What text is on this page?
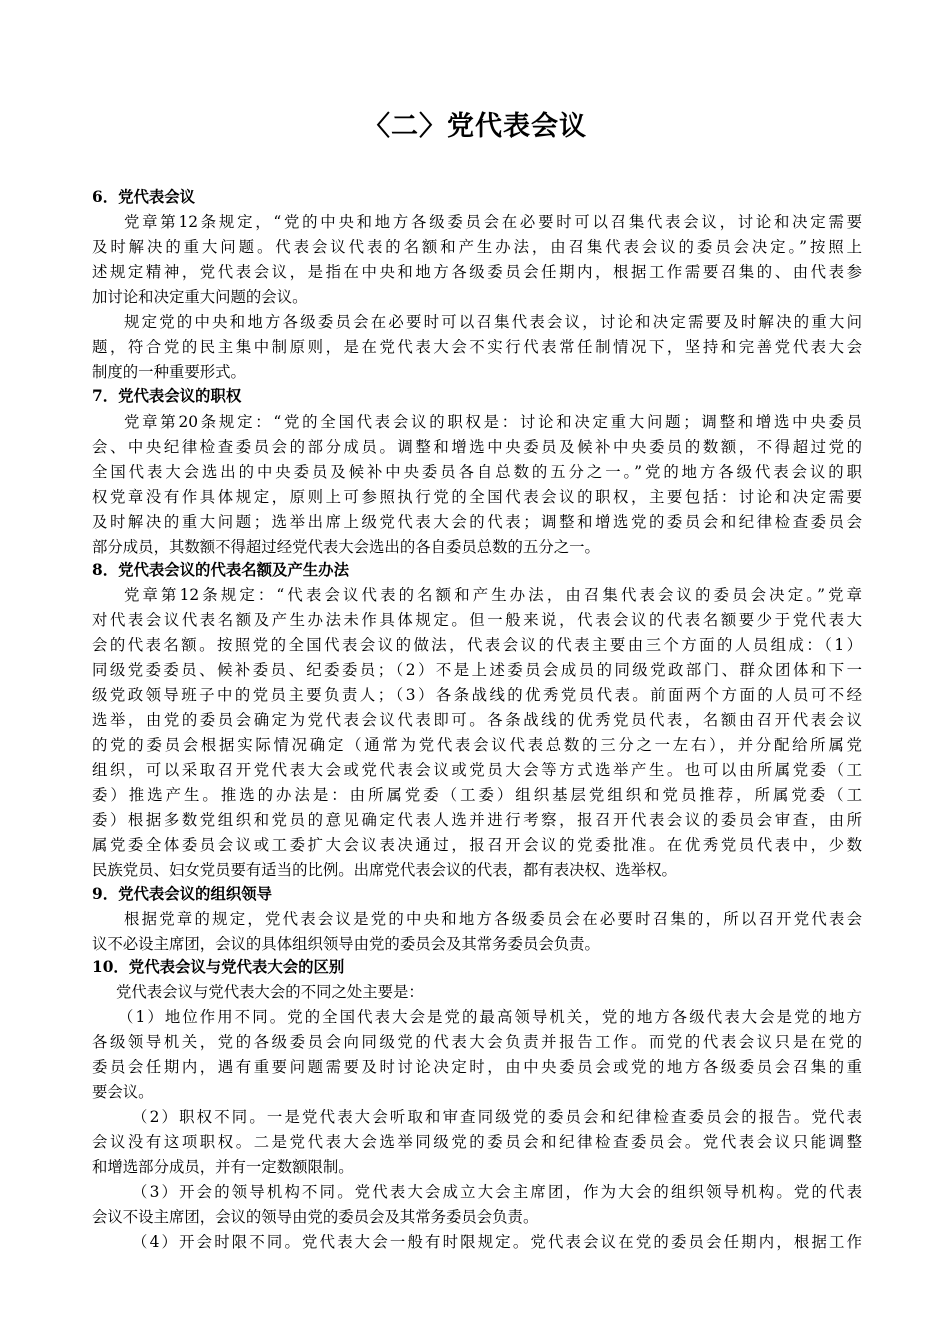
〈二〉党代表会议
6．党代表会议
党章第12条规定，“党的中央和地方各级委员会在必要时可以召集代表会议，讨论和决定需要
及时解决的重大问题。代表会议代表的名额和产生办法，由召集代表会议的委员会决定。”按照上
述规定精神，党代表会议，是指在中央和地方各级委员会任期内，根据工作需要召集的、由代表参
加讨论和决定重大问题的会议。
规定党的中央和地方各级委员会在必要时可以召集代表会议，讨论和决定需要及时解决的重大问
题，符合党的民主集中制原则，是在党代表大会不实行代表常任制情况下，坚持和完善党代表大会
制度的一种重要形式。
7．党代表会议的职权
党章第20条规定：“党的全国代表会议的职权是：讨论和决定重大问题；调整和增选中央委员
会、中央纪律检查委员会的部分成员。调整和增选中央委员及候补中央委员的数额，不得超过党的
全国代表大会选出的中央委员及候补中央委员各自总数的五分之一。”党的地方各级代表会议的职
权党章没有作具体规定，原则上可参照执行党的全国代表会议的职权，主要包括：讨论和决定需要
及时解决的重大问题；选举出席上级党代表大会的代表；调整和增选党的委员会和纪律检查委员会
部分成员，其数额不得超过经党代表大会选出的各自委员总数的五分之一。
8．党代表会议的代表名额及产生办法
党章第12条规定：“代表会议代表的名额和产生办法，由召集代表会议的委员会决定。”党章
对代表会议代表名额及产生办法未作具体规定。但一般来说，代表会议的代表名额要少于党代表大
会的代表名额。按照党的全国代表会议的做法，代表会议的代表主要由三个方面的人员组成：（1）
同级党委委员、候补委员、纪委委员；（2）不是上述委员会成员的同级党政部门、群众团体和下一
级党政领导班子中的党员主要负责人；（3）各条战线的优秀党员代表。前面两个方面的人员可不经
选举，由党的委员会确定为党代表会议代表即可。各条战线的优秀党员代表，名额由召开代表会议
的党的委员会根据实际情况确定（通常为党代表会议代表总数的三分之一左右），并分配给所属党
组织，可以采取召开党代表大会或党代表会议或党员大会等方式选举产生。也可以由所属党委（工
委）推选产生。推选的办法是：由所属党委（工委）组织基层党组织和党员推荐，所属党委（工
委）根据多数党组织和党员的意见确定代表人选并进行考察，报召开代表会议的委员会审查，由所
属党委全体委员会议或工委扩大会议表决通过，报召开会议的党委批准。在优秀党员代表中，少数
民族党员、妇女党员要有适当的比例。出席党代表会议的代表，都有表决权、选举权。
9．党代表会议的组织领导
根据党章的规定，党代表会议是党的中央和地方各级委员会在必要时召集的，所以召开党代表会
议不必设主席团，会议的具体组织领导由党的委员会及其常务委员会负责。
10．党代表会议与党代表大会的区别
党代表会议与党代表大会的不同之处主要是：
（1）地位作用不同。党的全国代表大会是党的最高领导机关，党的地方各级代表大会是党的地方
各级领导机关，党的各级委员会向同级党的代表大会负责并报告工作。而党的代表会议只是在党的
委员会任期内，遇有重要问题需要及时讨论决定时，由中央委员会或党的地方各级委员会召集的重
要会议。
（2）职权不同。一是党代表大会听取和审查同级党的委员会和纪律检查委员会的报告。党代表
会议没有这项职权。二是党代表大会选举同级党的委员会和纪律检查委员会。党代表会议只能调整
和增选部分成员，并有一定数额限制。
（3）开会的领导机构不同。党代表大会成立大会主席团，作为大会的组织领导机构。党的代表
会议不设主席团，会议的领导由党的委员会及其常务委员会负责。
（4）开会时限不同。党代表大会一般有时限规定。党代表会议在党的委员会任期内，根据工作
